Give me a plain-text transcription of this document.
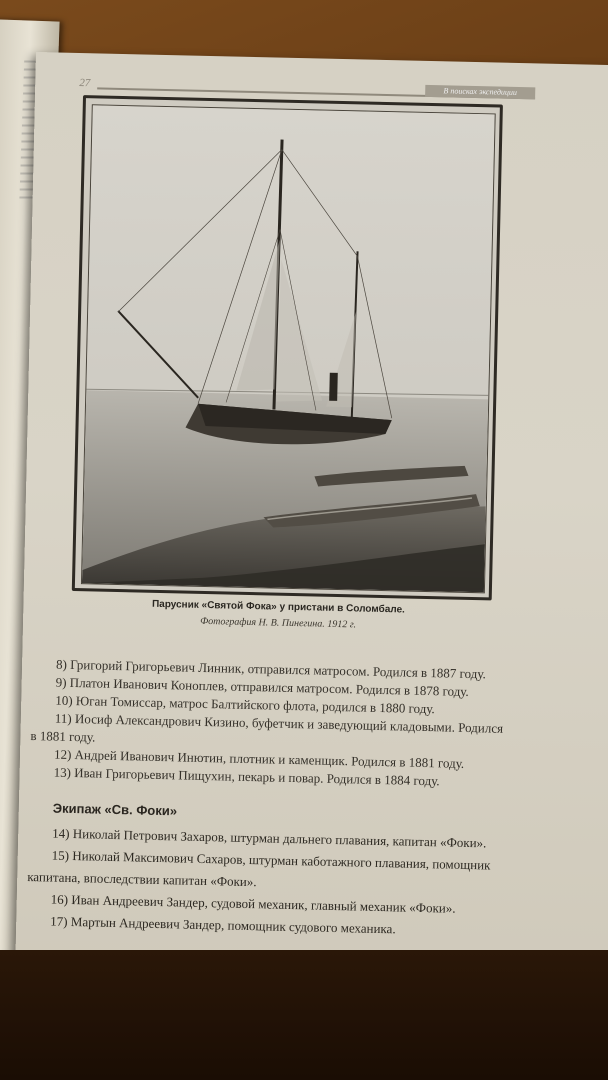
27
В поисках экспедиции
Парусник «Святой Фока» у пристани в Соломбале.
Фотография Н. В. Пинегина. 1912 г.
8) Григорий Григорьевич Линник, отправился матросом. Родился в 1887 году.
9) Платон Иванович Коноплев, отправился матросом. Родился в 1878 году.
10) Юган Томиссар, матрос Балтийского флота, родился в 1880 году.
11) Иосиф Александрович Кизино, буфетчик и заведующий кладовыми. Родился
в 1881 году.
12) Андрей Иванович Инютин, плотник и каменщик. Родился в 1881 году.
13) Иван Григорьевич Пищухин, пекарь и повар. Родился в 1884 году.
Экипаж «Св. Фоки»
14) Николай Петрович Захаров, штурман дальнего плавания, капитан «Фоки».
15) Николай Максимович Сахаров, штурман каботажного плавания, помощник
капитана, впоследствии капитан «Фоки».
16) Иван Андреевич Зандер, судовой механик, главный механик «Фоки».
17) Мартын Андреевич Зандер, помощник судового механика.
